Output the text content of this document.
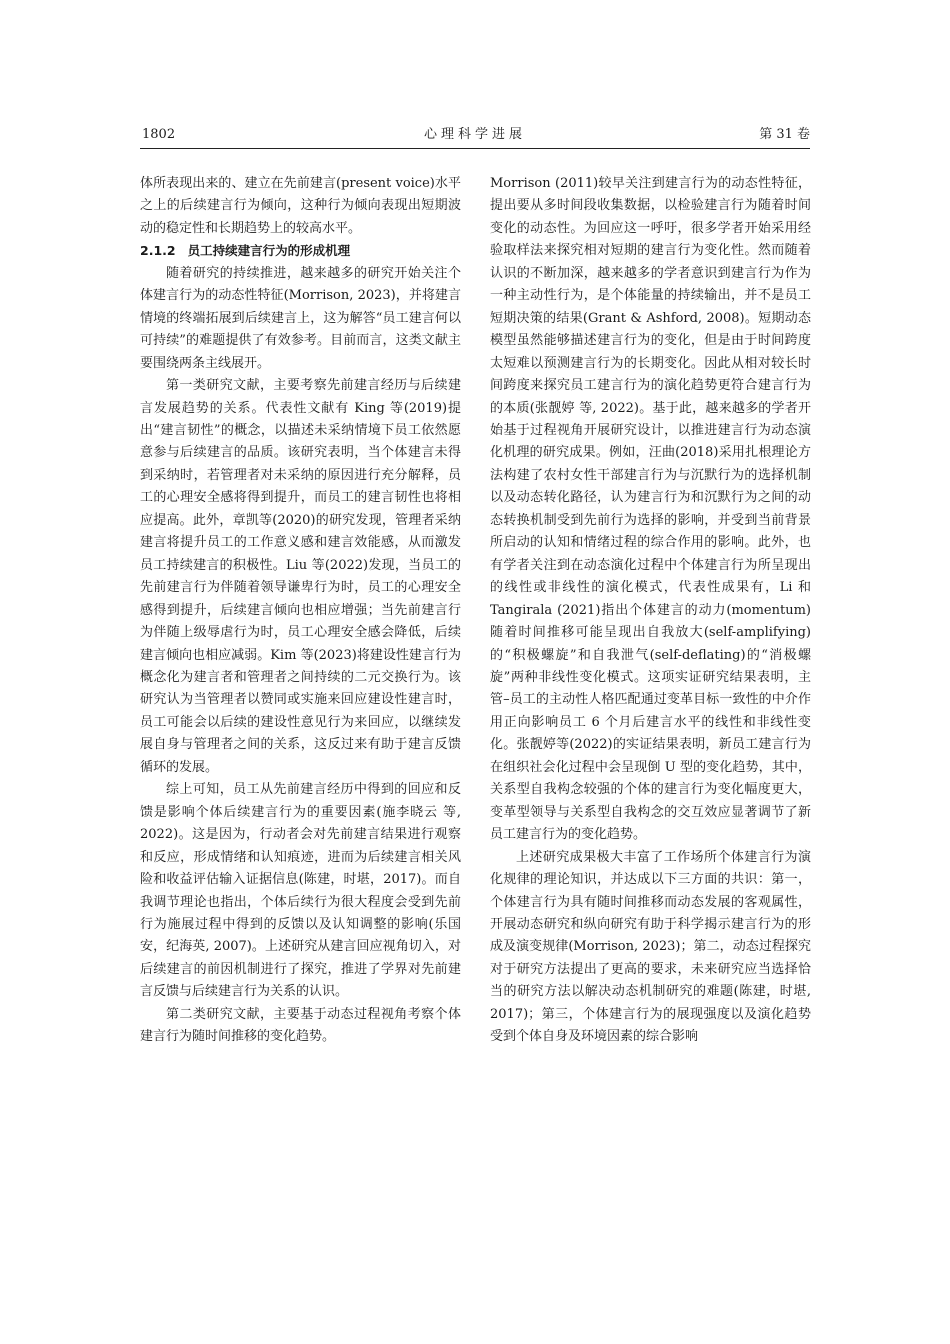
1802	心理科学进展	第 31 卷

体所表现出来的、建立在先前建言(present voice)水平之上的后续建言行为倾向，这种行为倾向表现出短期波动的稳定性和长期趋势上的较高水平。

2.1.2 员工持续建言行为的形成机理

随着研究的持续推进，越来越多的研究开始关注个体建言行为的动态性特征(Morrison, 2023)，并将建言情境的终端拓展到后续建言上，这为解答“员工建言何以可持续”的难题提供了有效参考。目前而言，这类文献主要围绕两条主线展开。

第一类研究文献，主要考察先前建言经历与后续建言发展趋势的关系。代表性文献有 King 等(2019)提出“建言韧性”的概念，以描述未采纳情境下员工依然愿意参与后续建言的品质。该研究表明，当个体建言未得到采纳时，若管理者对未采纳的原因进行充分解释，员工的心理安全感将得到提升，而员工的建言韧性也将相应提高。此外，章凯等(2020)的研究发现，管理者采纳建言将提升员工的工作意义感和建言效能感，从而激发员工持续建言的积极性。Liu 等(2022)发现，当员工的先前建言行为伴随着领导谦卑行为时，员工的心理安全感得到提升，后续建言倾向也相应增强；当先前建言行为伴随上级辱虐行为时，员工心理安全感会降低，后续建言倾向也相应减弱。Kim 等(2023)将建设性建言行为概念化为建言者和管理者之间持续的二元交换行为。该研究认为当管理者以赞同或实施来回应建设性建言时，员工可能会以后续的建设性意见行为来回应，以继续发展自身与管理者之间的关系，这反过来有助于建言反馈循环的发展。

综上可知，员工从先前建言经历中得到的回应和反馈是影响个体后续建言行为的重要因素(施李晓云 等, 2022)。这是因为，行动者会对先前建言结果进行观察和反应，形成情绪和认知痕迹，进而为后续建言相关风险和收益评估输入证据信息(陈建，时堪，2017)。而自我调节理论也指出，个体后续行为很大程度会受到先前行为施展过程中得到的反馈以及认知调整的影响(乐国安，纪海英, 2007)。上述研究从建言回应视角切入，对后续建言的前因机制进行了探究，推进了学界对先前建言反馈与后续建言行为关系的认识。

第二类研究文献，主要基于动态过程视角考察个体建言行为随时间推移的变化趋势。

Morrison (2011)较早关注到建言行为的动态性特征，提出要从多时间段收集数据，以检验建言行为随着时间变化的动态性。为回应这一呼吁，很多学者开始采用经验取样法来探究相对短期的建言行为变化性。然而随着认识的不断加深，越来越多的学者意识到建言行为作为一种主动性行为，是个体能量的持续输出，并不是员工短期决策的结果(Grant & Ashford, 2008)。短期动态模型虽然能够描述建言行为的变化，但是由于时间跨度太短难以预测建言行为的长期变化。因此从相对较长时间跨度来探究员工建言行为的演化趋势更符合建言行为的本质(张靓婷 等, 2022)。基于此，越来越多的学者开始基于过程视角开展研究设计，以推进建言行为动态演化机理的研究成果。例如，汪曲(2018)采用扎根理论方法构建了农村女性干部建言行为与沉默行为的选择机制以及动态转化路径，认为建言行为和沉默行为之间的动态转换机制受到先前行为选择的影响，并受到当前背景所启动的认知和情绪过程的综合作用的影响。此外，也有学者关注到在动态演化过程中个体建言行为所呈现出的线性或非线性的演化模式，代表性成果有，Li 和 Tangirala (2021)指出个体建言的动力(momentum)随着时间推移可能呈现出自我放大(self-amplifying)的“积极螺旋”和自我泄气(self-deflating)的“消极螺旋”两种非线性变化模式。这项实证研究结果表明，主管–员工的主动性人格匹配通过变革目标一致性的中介作用正向影响员工 6 个月后建言水平的线性和非线性变化。张靓婷等(2022)的实证结果表明，新员工建言行为在组织社会化过程中会呈现倒 U 型的变化趋势，其中，关系型自我构念较强的个体的建言行为变化幅度更大，变革型领导与关系型自我构念的交互效应显著调节了新员工建言行为的变化趋势。

上述研究成果极大丰富了工作场所个体建言行为演化规律的理论知识，并达成以下三方面的共识：第一，个体建言行为具有随时间推移而动态发展的客观属性，开展动态研究和纵向研究有助于科学揭示建言行为的形成及演变规律(Morrison, 2023)；第二，动态过程探究对于研究方法提出了更高的要求，未来研究应当选择恰当的研究方法以解决动态机制研究的难题(陈建，时堪, 2017)；第三，个体建言行为的展现强度以及演化趋势受到个体自身及环境因素的综合影响
